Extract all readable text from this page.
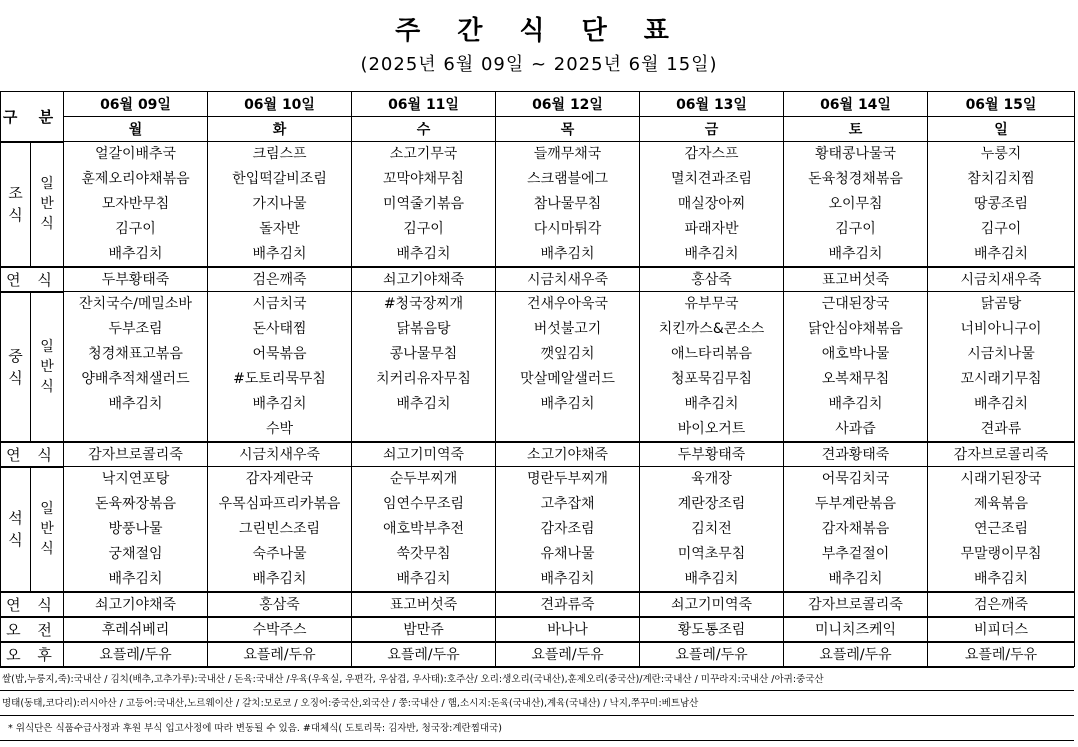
주 간 식 단 표
(2025년 6월 09일 ~ 2025년 6월 15일)
구 분		06월 09일	06월 10일	06월 11일	06월 12일	06월 13일	06월 14일	06월 15일
		월	화	수	목	금	토	일
조
식	일
반
식	얼갈이배추국	크림스프	소고기무국	들깨무채국	감자스프	황태콩나물국	누룽지
		훈제오리야채볶음	한입떡갈비조림	꼬막야채무침	스크램블에그	멸치견과조림	돈육청경채볶음	참치김치찜
		모자반무침	가지나물	미역줄기볶음	참나물무침	매실장아찌	오이무침	땅콩조림
		김구이	돌자반	김구이	다시마튀각	파래자반	김구이	김구이
		배추김치	배추김치	배추김치	배추김치	배추김치	배추김치	배추김치
연 식		두부황태죽	검은깨죽	쇠고기야채죽	시금치새우죽	홍삼죽	표고버섯죽	시금치새우죽
중
식	일
반
식	잔치국수/메밀소바	시금치국	#청국장찌개	건새우아욱국	유부무국	근대된장국	닭곰탕
		두부조림	돈사태찜	닭볶음탕	버섯불고기	치킨까스&콘소스	닭안심야채볶음	너비아니구이
		청경채표고볶음	어묵볶음	콩나물무침	깻잎김치	애느타리볶음	애호박나물	시금치나물
		양배추적채샐러드	#도토리묵무침	치커리유자무침	맛살메알샐러드	청포묵김무침	오복채무침	꼬시래기무침
		배추김치	배추김치	배추김치	배추김치	배추김치	배추김치	배추김치
			수박			바이오거트	사과즙	견과류
연 식		감자브로콜리죽	시금치새우죽	쇠고기미역죽	소고기야채죽	두부황태죽	견과황태죽	감자브로콜리죽
석
식	일
반
식	낙지연포탕	감자계란국	순두부찌개	명란두부찌개	육개장	어묵김치국	시래기된장국
		돈육짜장볶음	우목심파프리카볶음	임연수무조림	고추잡채	계란장조림	두부계란볶음	제육볶음
		방풍나물	그린빈스조림	애호박부추전	감자조림	김치전	감자채볶음	연근조림
		궁채절임	숙주나물	쑥갓무침	유채나물	미역초무침	부추겉절이	무말랭이무침
		배추김치	배추김치	배추김치	배추김치	배추김치	배추김치	배추김치
연 식		쇠고기야채죽	홍삼죽	표고버섯죽	견과류죽	쇠고기미역죽	감자브로콜리죽	검은깨죽
오 전		후레쉬베리	수박주스	밤만쥬	바나나	황도통조림	미니치즈케익	비피더스
오 후		요플레/두유	요플레/두유	요플레/두유	요플레/두유	요플레/두유	요플레/두유	요플레/두유
쌀(밥,누룽지,죽):국내산 / 김치(배추,고추가루):국내산 / 돈육:국내산 /우육(우육실, 우편각, 우삼겹, 우사태):호주산/ 오리:생오리(국내산),훈제오리(중국산)/계란:국내산 / 미꾸라지:국내산 /아귀:중국산
명태(동태,코다리):러시아산 / 고등어:국내산,노르웨이산 / 갈치:모로코 / 오징어:중국산,외국산 / 쭝:국내산 / 햄,소시지:돈육(국내산),계육(국내산) / 낙지,쭈꾸미:베트남산
* 위식단은 식품수급사정과 후원 부식 입고사정에 따라 변동될 수 있음. #대체식( 도토리묵: 김자반, 청국장:계란찜대국)
